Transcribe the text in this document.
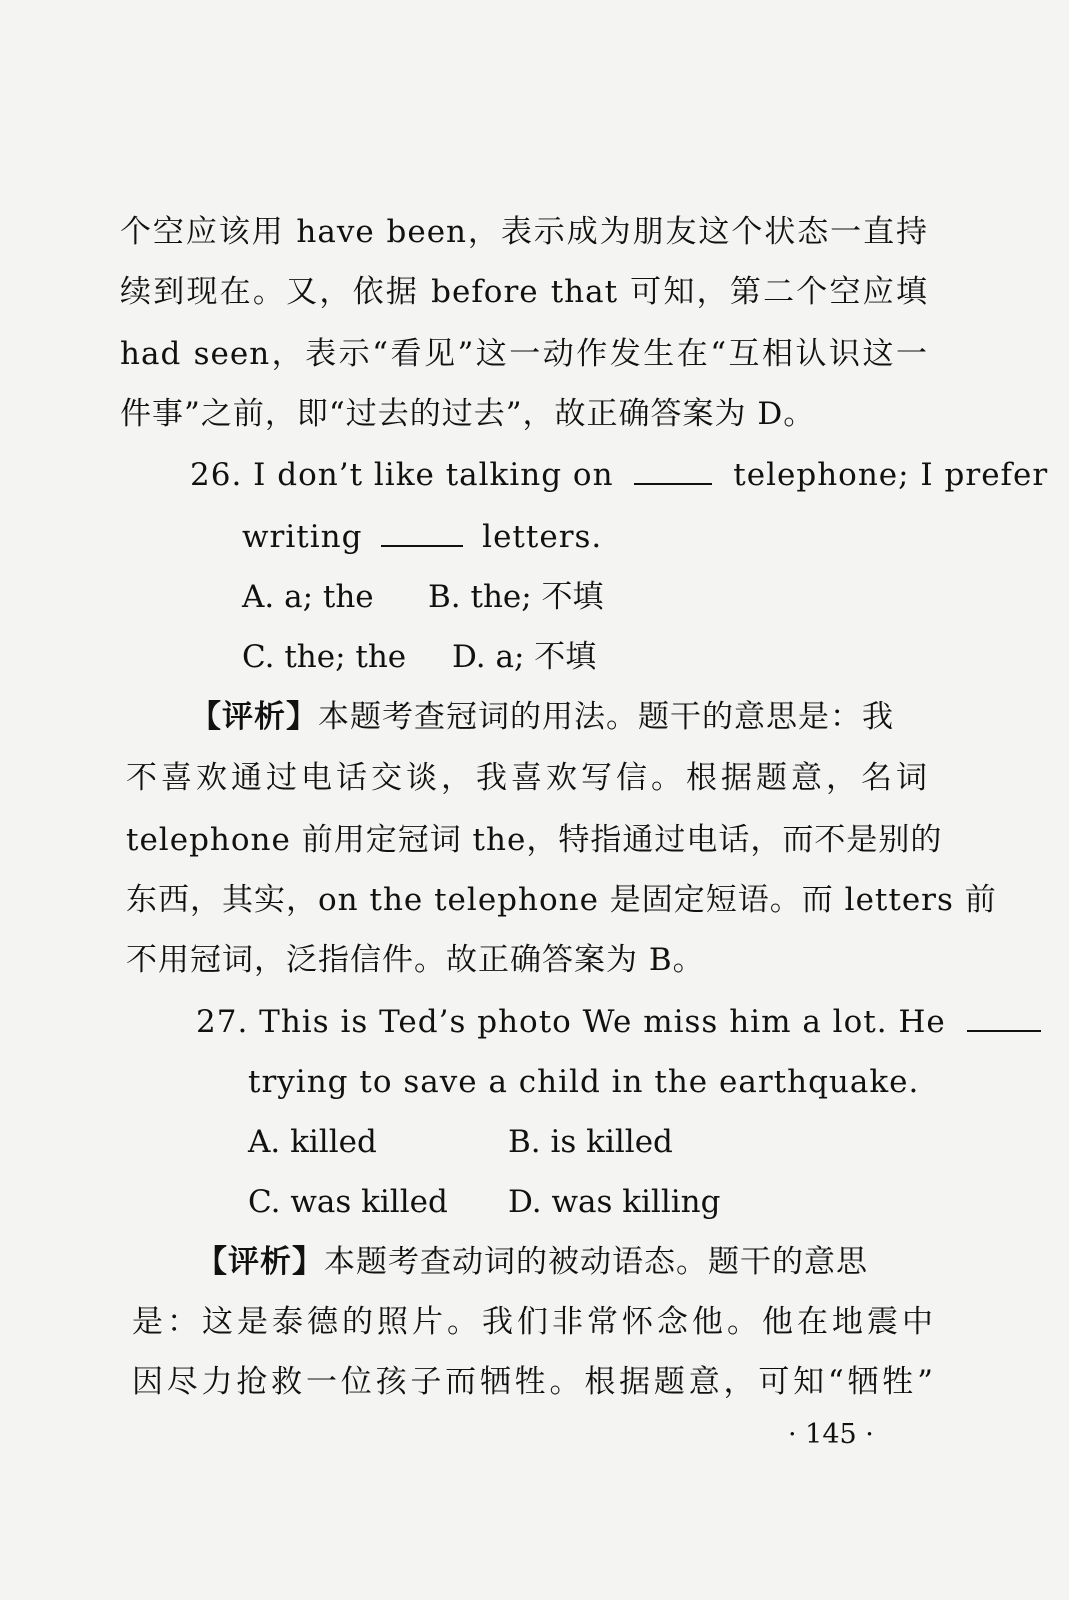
个空应该用 have been，表示成为朋友这个状态一直持
续到现在。又，依据 before that 可知，第二个空应填
had seen，表示“看见”这一动作发生在“互相认识这一
件事”之前，即“过去的过去”，故正确答案为 D。
26. I don’t like talking on	telephone; I prefer
writing	letters.
A. a; the B. the; 不填
C. the; the D. a; 不填
【评析】本题考查冠词的用法。题干的意思是：我
不喜欢通过电话交谈，我喜欢写信。根据题意，名词
telephone 前用定冠词 the，特指通过电话，而不是别的
东西，其实，on the telephone 是固定短语。而 letters 前
不用冠词，泛指信件。故正确答案为 B。
27. This is Ted’s photo We miss him a lot. He
trying to save a child in the earthquake.
A. killed	B. is killed
C. was killed D. was killing
【评析】本题考查动词的被动语态。题干的意思
是：这是泰德的照片。我们非常怀念他。他在地震中
因尽力抢救一位孩子而牺牲。根据题意，可知“牺牲”
· 145 ·
